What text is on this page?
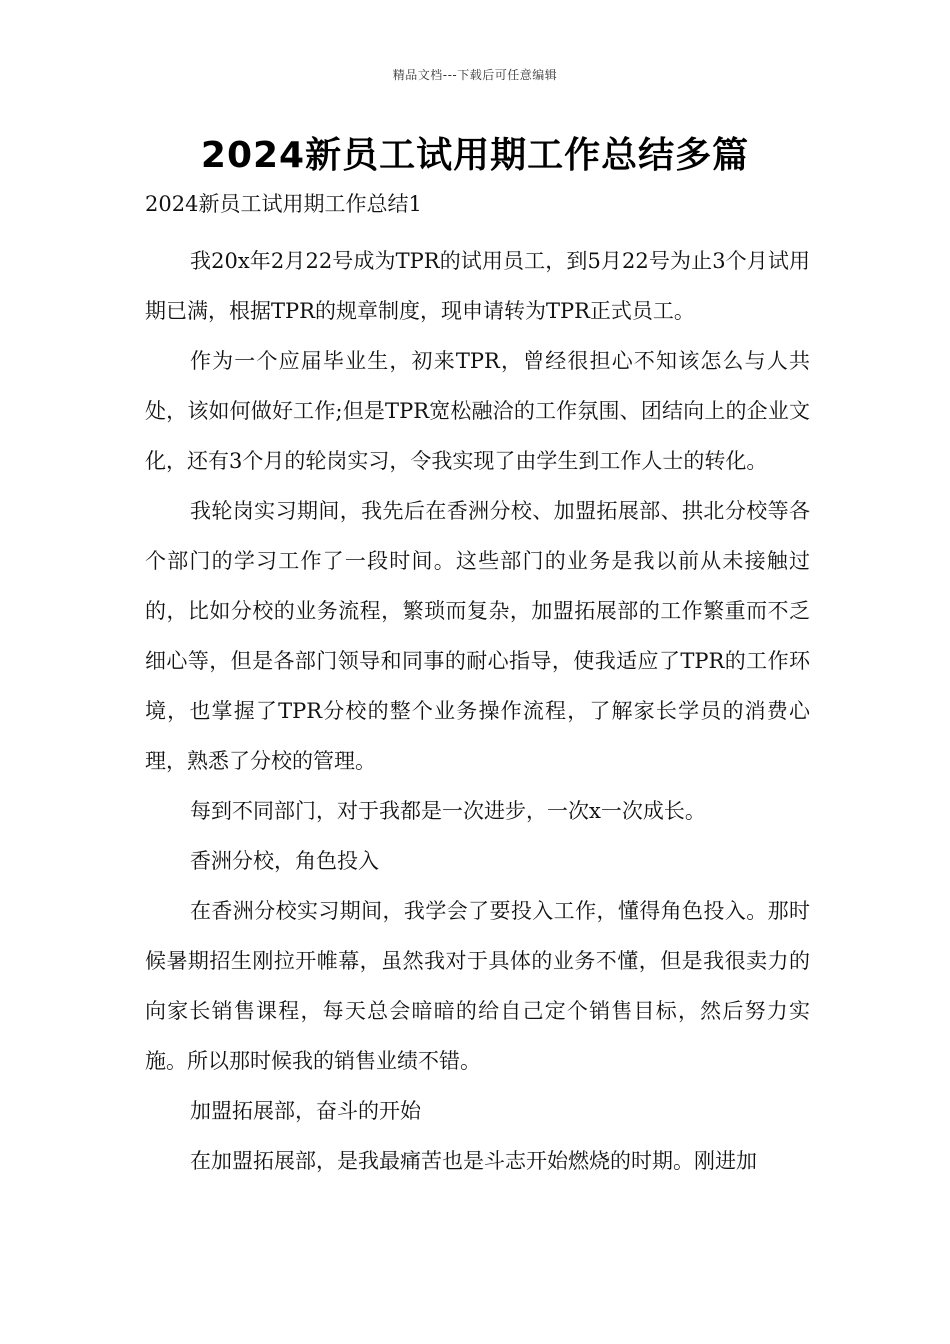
精品文档---下载后可任意编辑
2024新员工试用期工作总结多篇

2024新员工试用期工作总结1

我20x年2月22号成为TPR的试用员工，到5月22号为止3个月试用期已满，根据TPR的规章制度，现申请转为TPR正式员工。

作为一个应届毕业生，初来TPR，曾经很担心不知该怎么与人共处，该如何做好工作;但是TPR宽松融洽的工作氛围、团结向上的企业文化，还有3个月的轮岗实习，令我实现了由学生到工作人士的转化。

我轮岗实习期间，我先后在香洲分校、加盟拓展部、拱北分校等各个部门的学习工作了一段时间。这些部门的业务是我以前从未接触过的，比如分校的业务流程，繁琐而复杂，加盟拓展部的工作繁重而不乏细心等，但是各部门领导和同事的耐心指导，使我适应了TPR的工作环境，也掌握了TPR分校的整个业务操作流程，了解家长学员的消费心理，熟悉了分校的管理。

每到不同部门，对于我都是一次进步，一次x一次成长。

香洲分校，角色投入

在香洲分校实习期间，我学会了要投入工作，懂得角色投入。那时候暑期招生刚拉开帷幕，虽然我对于具体的业务不懂，但是我很卖力的向家长销售课程，每天总会暗暗的给自己定个销售目标，然后努力实施。所以那时候我的销售业绩不错。

加盟拓展部，奋斗的开始

在加盟拓展部，是我最痛苦也是斗志开始燃烧的时期。刚进加
